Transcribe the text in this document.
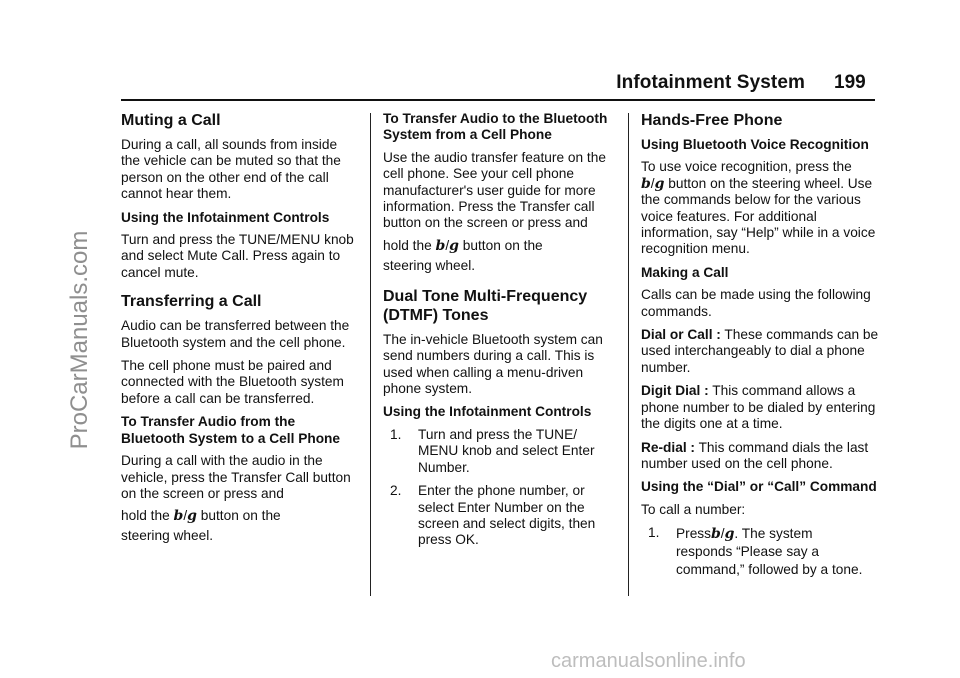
Infotainment System 199
ProCarManuals.com
carmanualsonline.info
Muting a Call

During a call, all sounds from inside the vehicle can be muted so that the person on the other end of the call cannot hear them.

Using the Infotainment Controls

Turn and press the TUNE/MENU knob and select Mute Call. Press again to cancel mute.

Transferring a Call

Audio can be transferred between the Bluetooth system and the cell phone.

The cell phone must be paired and connected with the Bluetooth system before a call can be transferred.

To Transfer Audio from the Bluetooth System to a Cell Phone

During a call with the audio in the vehicle, press the Transfer Call button on the screen or press and

hold the b/g button on the
steering wheel.

To Transfer Audio to the Bluetooth System from a Cell Phone

Use the audio transfer feature on the cell phone. See your cell phone manufacturer's user guide for more information. Press the Transfer call button on the screen or press and

hold the b/g button on the
steering wheel.

Dual Tone Multi-Frequency (DTMF) Tones

The in-vehicle Bluetooth system can send numbers during a call. This is used when calling a menu-driven phone system.

Using the Infotainment Controls
1.	Turn and press the TUNE/ MENU knob and select Enter Number.
2.	Enter the phone number, or select Enter Number on the screen and select digits, then press OK.
Hands-Free Phone
Using Bluetooth Voice Recognition

To use voice recognition, press the
b/g button on the steering wheel. Use the commands below for the various voice features. For additional information, say “Help” while in a voice recognition menu.

Making a Call

Calls can be made using the following commands.

Dial or Call : These commands can be used interchangeably to dial a phone number.

Digit Dial : This command allows a phone number to be dialed by entering the digits one at a time.

Re-dial : This command dials the last number used on the cell phone.

Using the “Dial” or “Call” Command

To call a number:

1.	Pressb/g. The system
responds “Please say a command,” followed by a tone.
